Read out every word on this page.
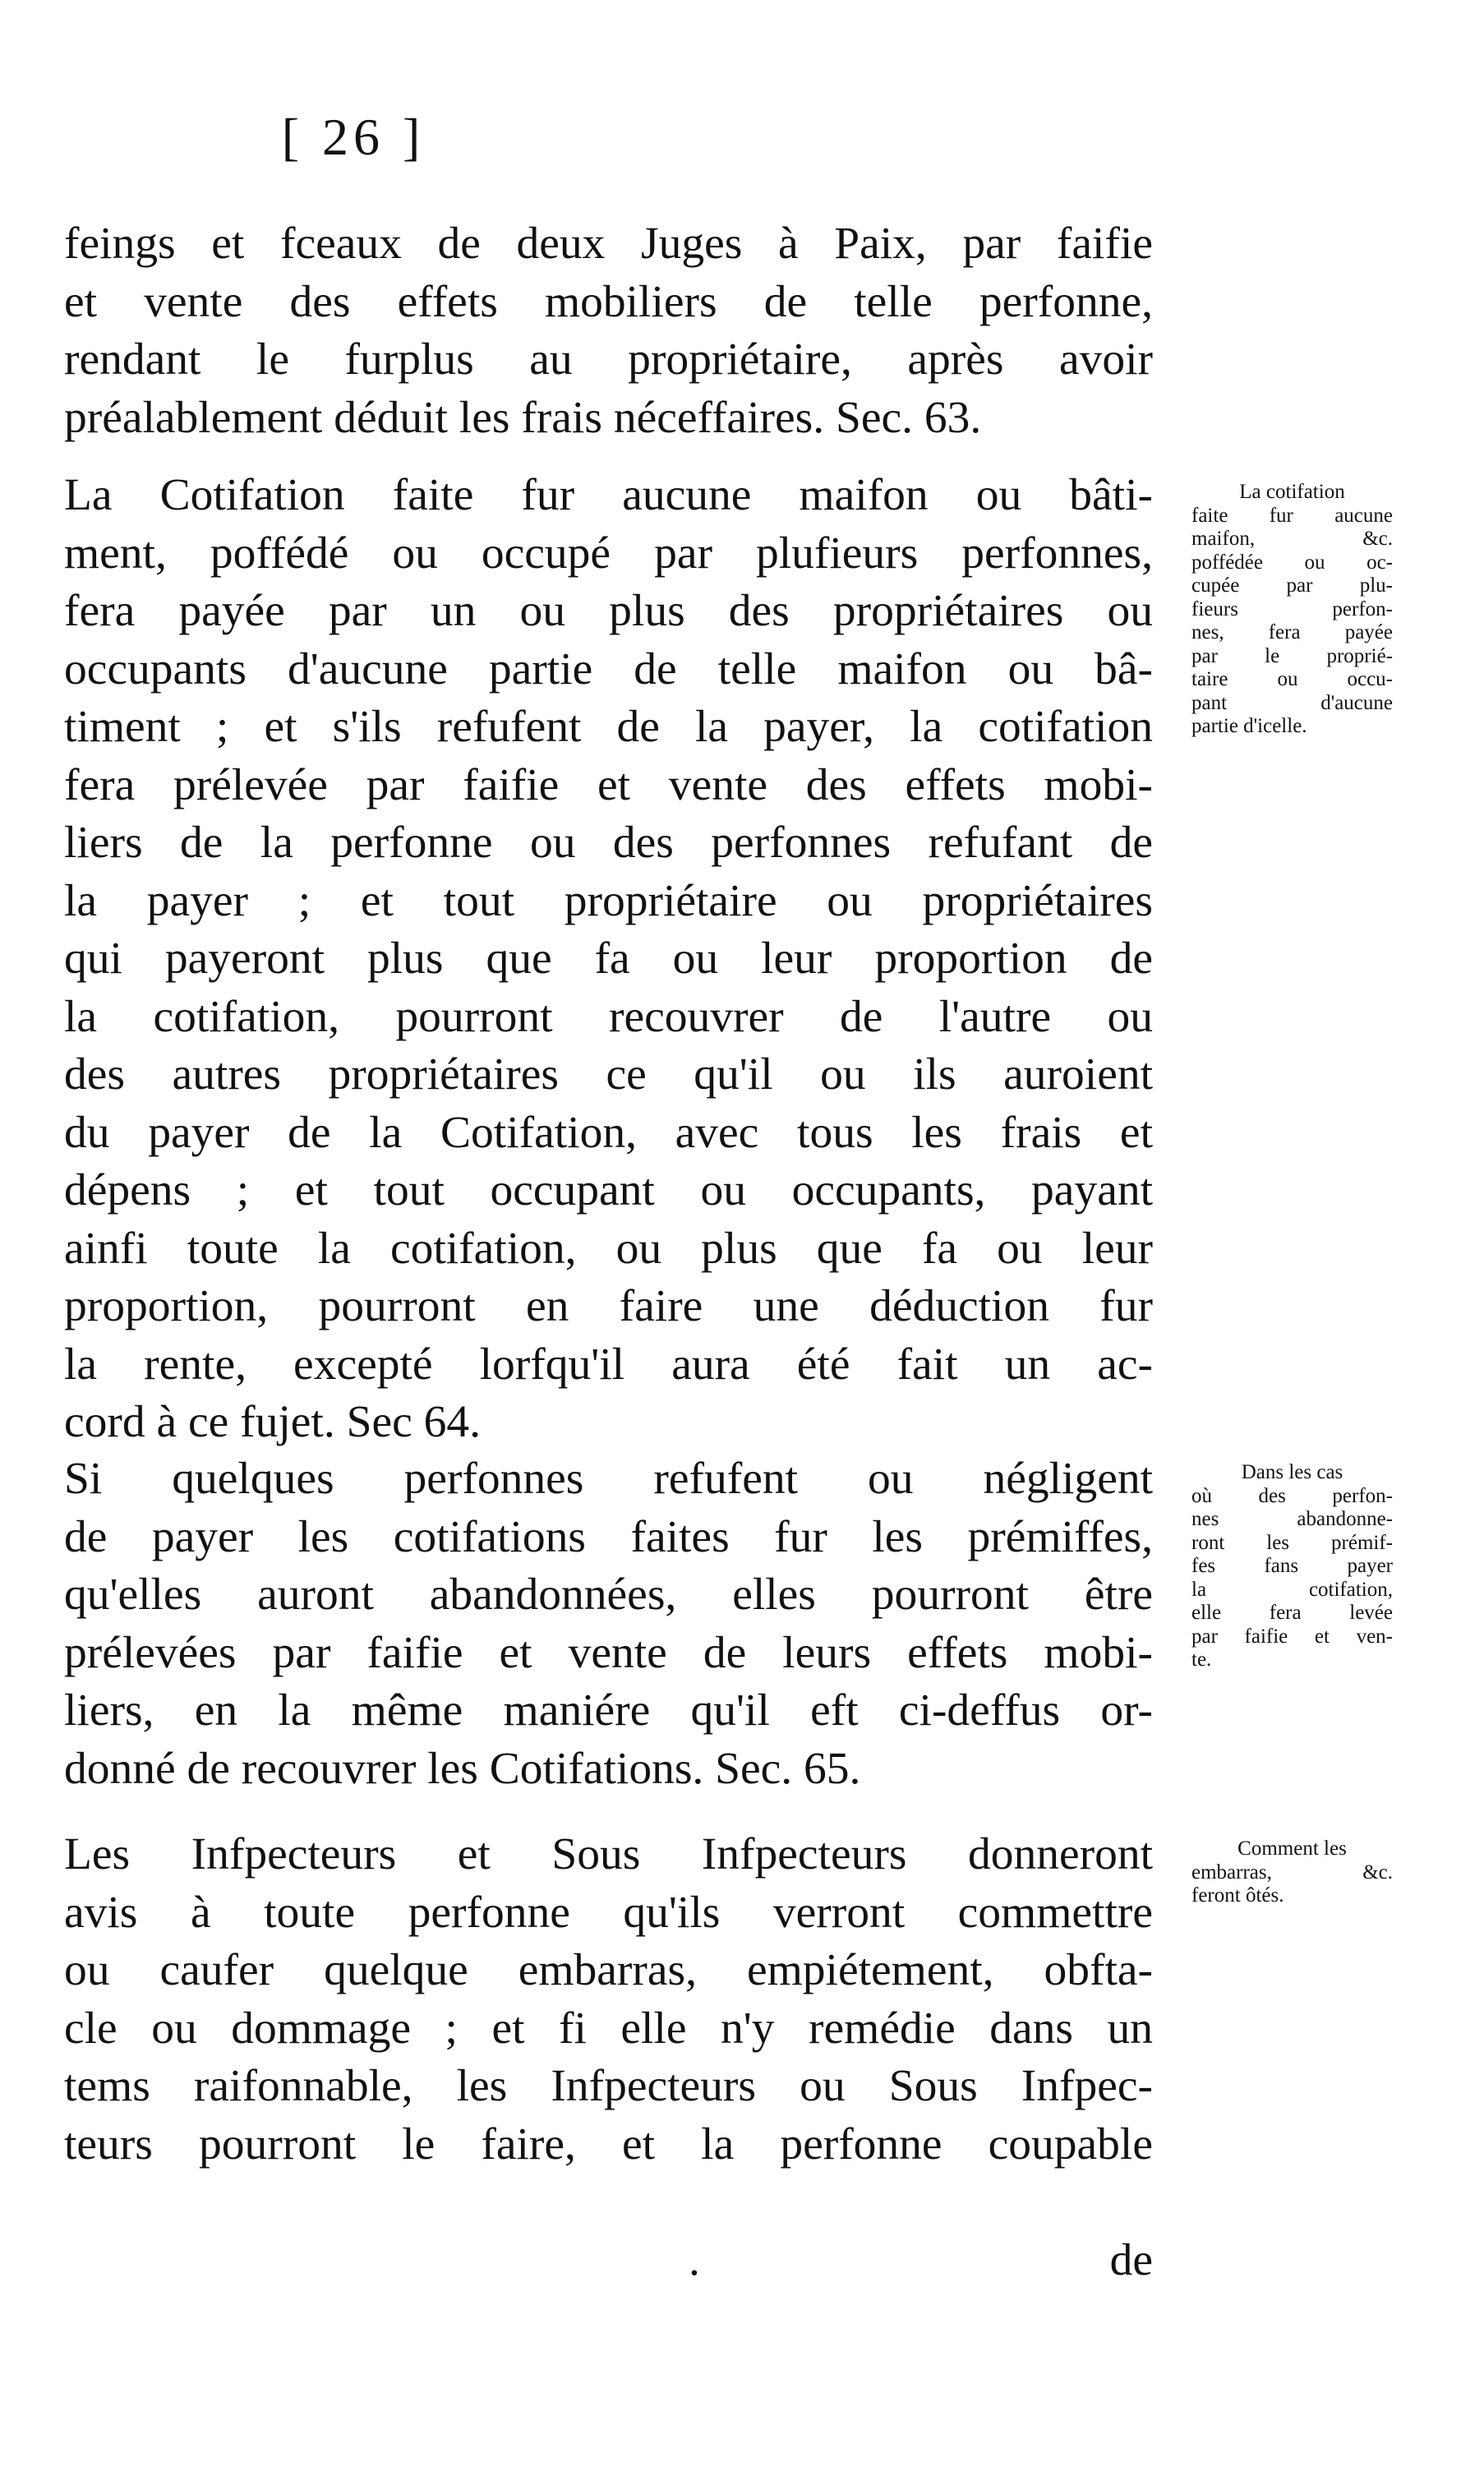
[ 26 ]
feings et fceaux de deux Juges à Paix, par faifie
et vente des effets mobiliers de telle perfonne,
rendant le furplus au propriétaire, après avoir
préalablement déduit les frais néceffaires. Sec. 63.
La Cotifation faite fur aucune maifon ou bâti-
ment, poffédé ou occupé par plufieurs perfonnes,
fera payée par un ou plus des propriétaires ou
occupants d'aucune partie de telle maifon ou bâ-
timent ; et s'ils refufent de la payer, la cotifation
fera prélevée par faifie et vente des effets mobi-
liers de la perfonne ou des perfonnes refufant de
la payer ; et tout propriétaire ou propriétaires
qui payeront plus que fa ou leur proportion de
la cotifation, pourront recouvrer de l'autre ou
des autres propriétaires ce qu'il ou ils auroient
du payer de la Cotifation, avec tous les frais et
dépens ; et tout occupant ou occupants, payant
ainfi toute la cotifation, ou plus que fa ou leur
proportion, pourront en faire une déduction fur
la rente, excepté lorfqu'il aura été fait un ac-
cord à ce fujet. Sec 64.
Si quelques perfonnes refufent ou négligent
de payer les cotifations faites fur les prémiffes,
qu'elles auront abandonnées, elles pourront être
prélevées par faifie et vente de leurs effets mobi-
liers, en la même maniére qu'il eft ci-deffus or-
donné de recouvrer les Cotifations. Sec. 65.
Les Infpecteurs et Sous Infpecteurs donneront
avis à toute perfonne qu'ils verront commettre
ou caufer quelque embarras, empiétement, obfta-
cle ou dommage ; et fi elle n'y remédie dans un
tems raifonnable, les Infpecteurs ou Sous Infpec-
teurs pourront le faire, et la perfonne coupable
La cotifation
faite fur aucune
maifon, &c.
poffédée ou oc-
cupée par plu-
fieurs perfon-
nes, fera payée
par le proprié-
taire ou occu-
pant d'aucune
partie d'icelle.
Dans les cas
où des perfon-
nes abandonne-
ront les prémif-
fes fans payer
la cotifation,
elle fera levée
par faifie et ven-
te.
Comment les
embarras, &c.
feront ôtés.
.	de
